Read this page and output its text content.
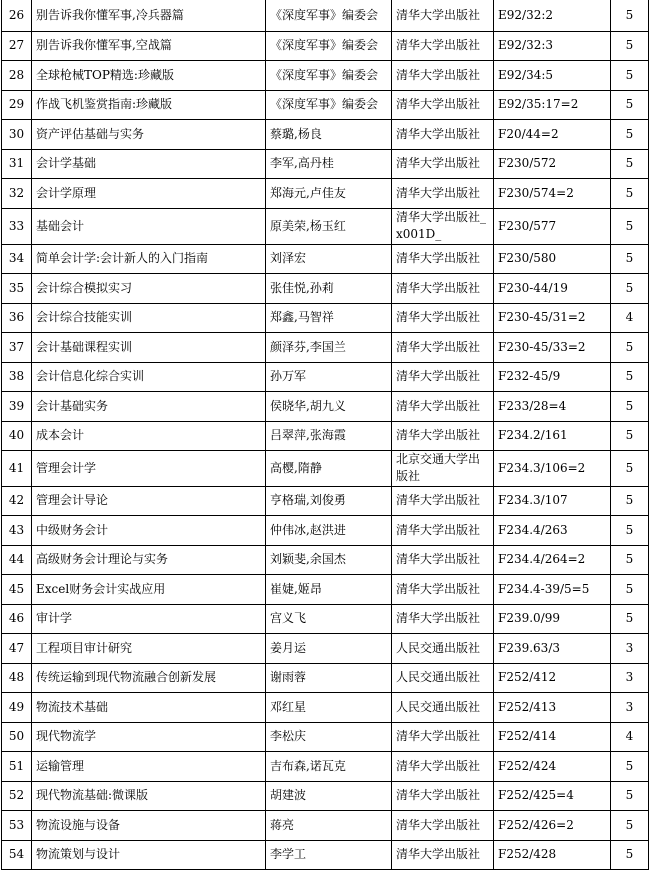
26	别告诉我你懂军事,冷兵器篇	《深度军事》编委会	清华大学出版社	E92/32:2	5
27	别告诉我你懂军事,空战篇	《深度军事》编委会	清华大学出版社	E92/32:3	5
28	全球枪械TOP精选:珍藏版	《深度军事》编委会	清华大学出版社	E92/34:5	5
29	作战飞机鉴赏指南:珍藏版	《深度军事》编委会	清华大学出版社	E92/35:17=2	5
30	资产评估基础与实务	蔡璐,杨良	清华大学出版社	F20/44=2	5
31	会计学基础	李军,高丹桂	清华大学出版社	F230/572	5
32	会计学原理	郑海元,卢佳友	清华大学出版社	F230/574=2	5
33	基础会计	原美荣,杨玉红	清华大学出版社_x001D_	F230/577	5
34	简单会计学:会计新人的入门指南	刘泽宏	清华大学出版社	F230/580	5
35	会计综合模拟实习	张佳悦,孙莉	清华大学出版社	F230-44/19	5
36	会计综合技能实训	郑鑫,马智祥	清华大学出版社	F230-45/31=2	4
37	会计基础课程实训	颜泽芬,李国兰	清华大学出版社	F230-45/33=2	5
38	会计信息化综合实训	孙万军	清华大学出版社	F232-45/9	5
39	会计基础实务	侯晓华,胡九义	清华大学出版社	F233/28=4	5
40	成本会计	吕翠萍,张海霞	清华大学出版社	F234.2/161	5
41	管理会计学	高樱,隋静	北京交通大学出版社	F234.3/106=2	5
42	管理会计导论	亨格瑞,刘俊勇	清华大学出版社	F234.3/107	5
43	中级财务会计	仲伟冰,赵洪进	清华大学出版社	F234.4/263	5
44	高级财务会计理论与实务	刘颖斐,余国杰	清华大学出版社	F234.4/264=2	5
45	Excel财务会计实战应用	崔婕,姬昂	清华大学出版社	F234.4-39/5=5	5
46	审计学	宫义飞	清华大学出版社	F239.0/99	5
47	工程项目审计研究	姜月运	人民交通出版社	F239.63/3	3
48	传统运输到现代物流融合创新发展	谢雨蓉	人民交通出版社	F252/412	3
49	物流技术基础	邓红星	人民交通出版社	F252/413	3
50	现代物流学	李松庆	清华大学出版社	F252/414	4
51	运输管理	吉布森,诺瓦克	清华大学出版社	F252/424	5
52	现代物流基础:微课版	胡建波	清华大学出版社	F252/425=4	5
53	物流设施与设备	蒋亮	清华大学出版社	F252/426=2	5
54	物流策划与设计	李学工	清华大学出版社	F252/428	5
